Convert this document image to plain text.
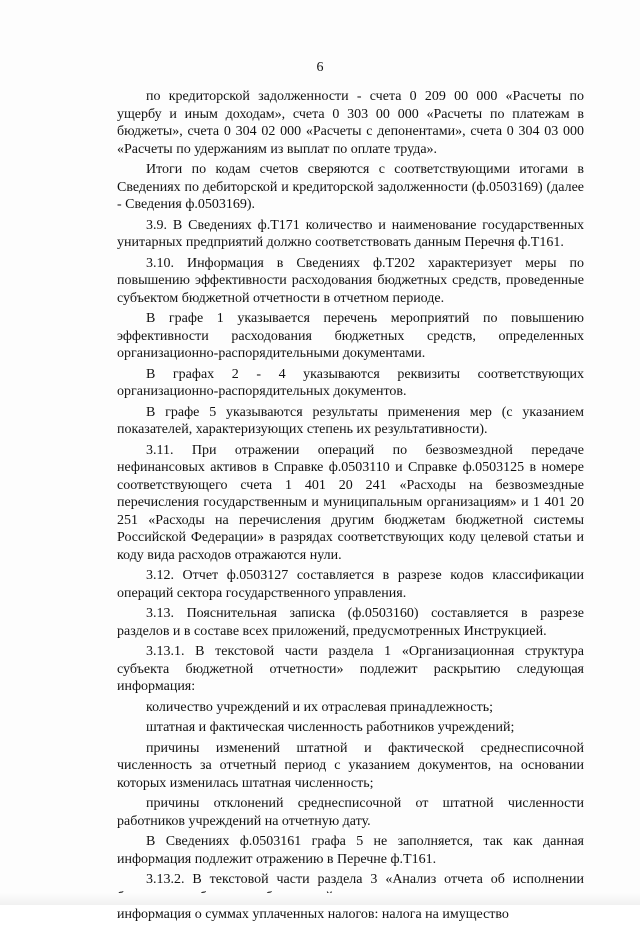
6

по кредиторской задолженности - счета 0 209 00 000 «Расчеты по ущербу и иным доходам», счета 0 303 00 000 «Расчеты по платежам в бюджеты», счета 0 304 02 000 «Расчеты с депонентами», счета 0 304 03 000 «Расчеты по удержаниям из выплат по оплате труда».

Итоги по кодам счетов сверяются с соответствующими итогами в Сведениях по дебиторской и кредиторской задолженности (ф.0503169) (далее - Сведения ф.0503169).

3.9. В Сведениях ф.Т171 количество и наименование государственных унитарных предприятий должно соответствовать данным Перечня ф.Т161.

3.10. Информация в Сведениях ф.Т202 характеризует меры по повышению эффективности расходования бюджетных средств, проведенные субъектом бюджетной отчетности в отчетном периоде.

В графе 1 указывается перечень мероприятий по повышению эффективности расходования бюджетных средств, определенных организационно-распорядительными документами.

В графах 2 - 4 указываются реквизиты соответствующих организационно-распорядительных документов.

В графе 5 указываются результаты применения мер (с указанием показателей, характеризующих степень их результативности).

3.11. При отражении операций по безвозмездной передаче нефинансовых активов в Справке ф.0503110 и Справке ф.0503125 в номере соответствующего счета 1 401 20 241 «Расходы на безвозмездные перечисления государственным и муниципальным организациям» и 1 401 20 251 «Расходы на перечисления другим бюджетам бюджетной системы Российской Федерации» в разрядах соответствующих коду целевой статьи и коду вида расходов отражаются нули.

3.12. Отчет ф.0503127 составляется в разрезе кодов классификации операций сектора государственного управления.

3.13. Пояснительная записка (ф.0503160) составляется в разрезе разделов и в составе всех приложений, предусмотренных Инструкцией.

3.13.1. В текстовой части раздела 1 «Организационная структура субъекта бюджетной отчетности» подлежит раскрытию следующая информация:

количество учреждений и их отраслевая принадлежность;

штатная и фактическая численность работников учреждений;

причины изменений штатной и фактической среднесписочной численность за отчетный период с указанием документов, на основании которых изменилась штатная численность;

причины отклонений среднесписочной от штатной численности работников учреждений на отчетную дату.

В Сведениях ф.0503161 графа 5 не заполняется, так как данная информация подлежит отражению в Перечне ф.Т161.

3.13.2. В текстовой части раздела 3 «Анализ отчета об исполнении информация о суммах уплаченных налогов: налога на имущество
